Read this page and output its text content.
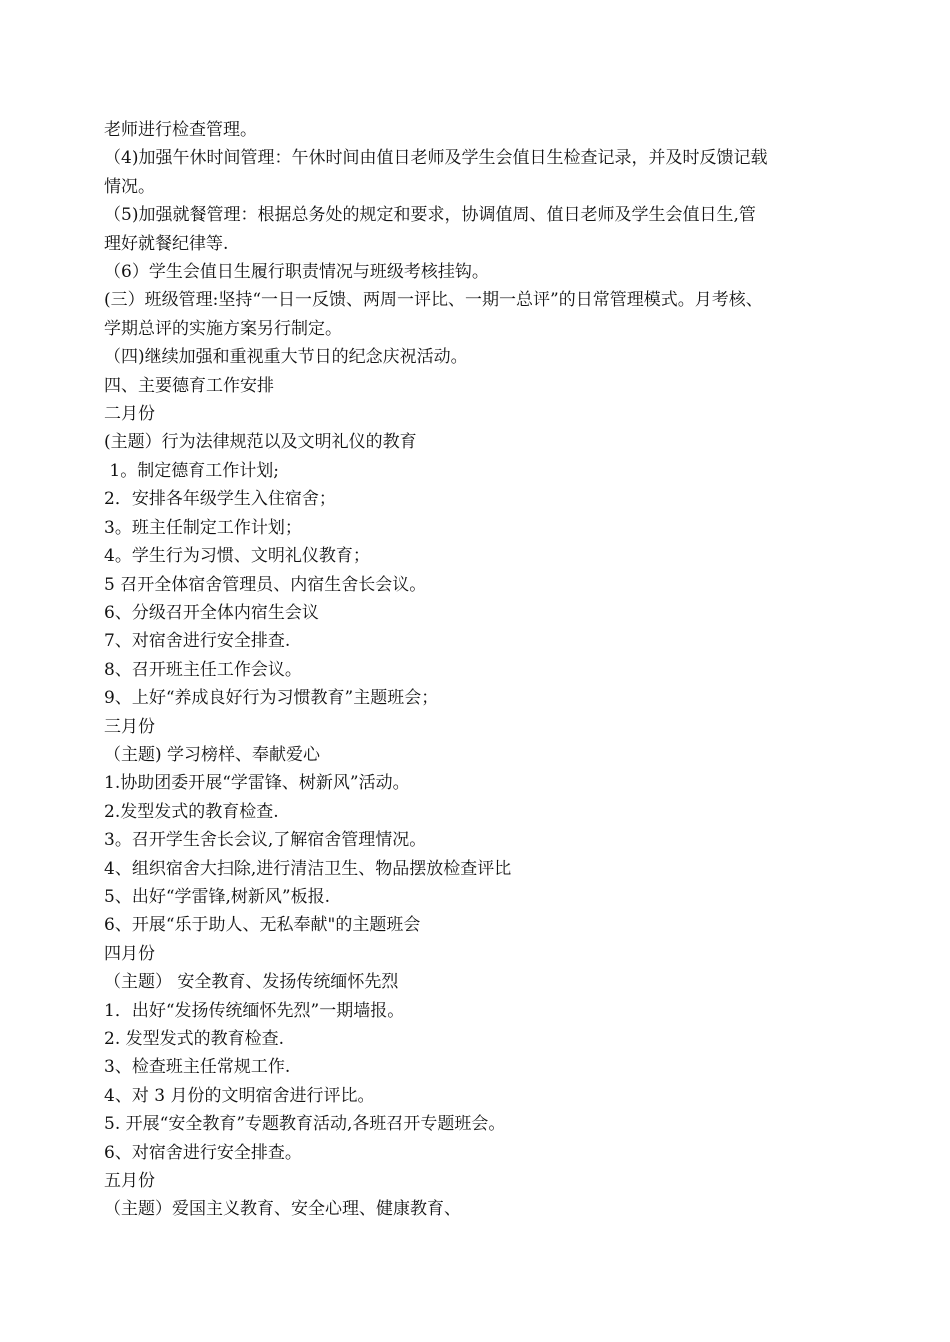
老师进行检查管理。

（4)加强午休时间管理：午休时间由值日老师及学生会值日生检查记录，并及时反馈记载

情况。

（5)加强就餐管理：根据总务处的规定和要求，协调值周、值日老师及学生会值日生,管

理好就餐纪律等.

（6）学生会值日生履行职责情况与班级考核挂钩。

(三）班级管理:坚持“一日一反馈、两周一评比、一期一总评”的日常管理模式。月考核、

学期总评的实施方案另行制定。

（四)继续加强和重视重大节日的纪念庆祝活动。

四、主要德育工作安排

二月份

(主题）行为法律规范以及文明礼仪的教育

1。制定德育工作计划;

2．安排各年级学生入住宿舍；

3。班主任制定工作计划；

4。学生行为习惯、文明礼仪教育；

5 召开全体宿舍管理员、内宿生舍长会议。

6、分级召开全体内宿生会议

7、对宿舍进行安全排查.

8、召开班主任工作会议。

9、上好“养成良好行为习惯教育”主题班会；

三月份

（主题) 学习榜样、奉献爱心

1.协助团委开展“学雷锋、树新风”活动。

2.发型发式的教育检查.

3。召开学生舍长会议,了解宿舍管理情况。

4、组织宿舍大扫除,进行清洁卫生、物品摆放检查评比

5、出好“学雷锋,树新风”板报.

6、开展“乐于助人、无私奉献"的主题班会

四月份

（主题） 安全教育、发扬传统缅怀先烈

1．出好“发扬传统缅怀先烈”一期墙报。

2. 发型发式的教育检查.

3、检查班主任常规工作.

4、对 3 月份的文明宿舍进行评比。

5. 开展“安全教育”专题教育活动,各班召开专题班会。

6、对宿舍进行安全排查。

五月份

（主题）爱国主义教育、安全心理、健康教育、
